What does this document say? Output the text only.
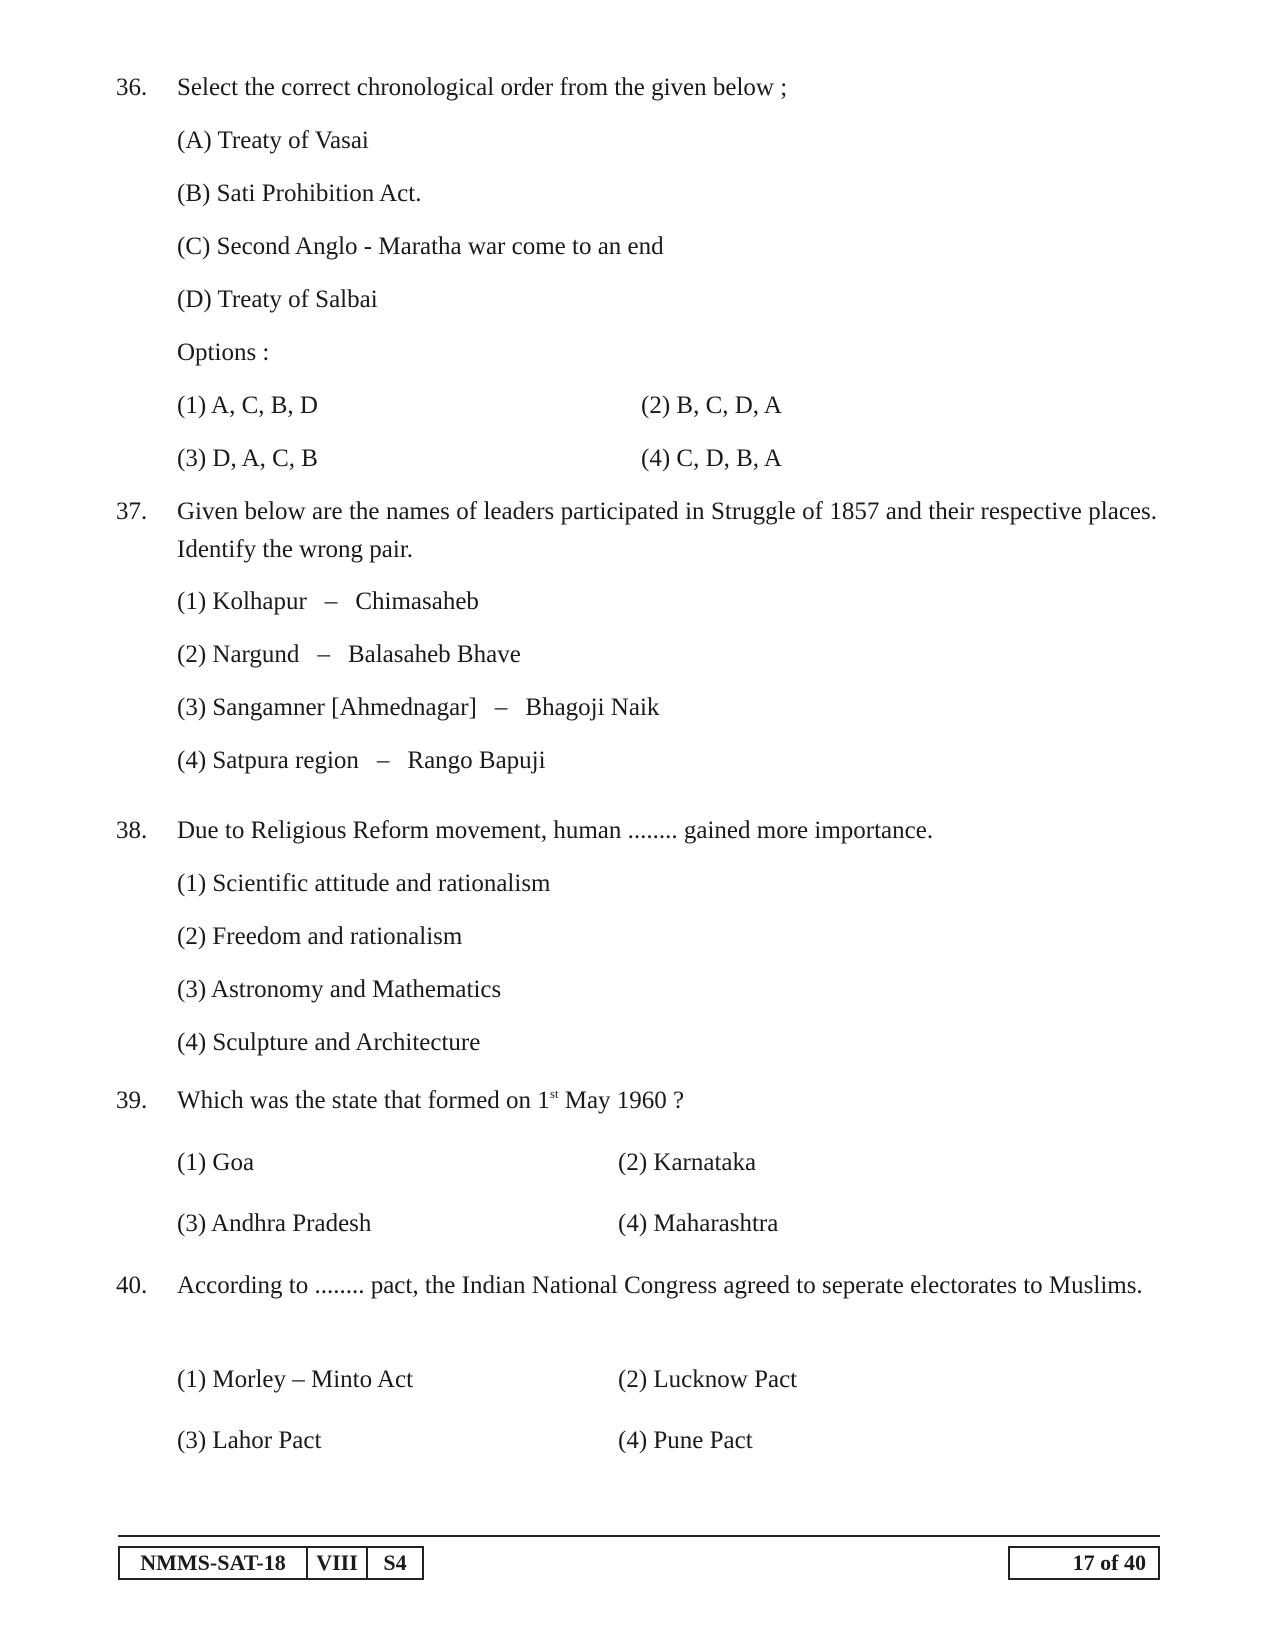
36. Select the correct chronological order from the given below ;
(A) Treaty of Vasai
(B) Sati Prohibition Act.
(C) Second Anglo - Maratha war come to an end
(D) Treaty of Salbai
Options :
(1) A, C, B, D	(2) B, C, D, A
(3) D, A, C, B	(4) C, D, B, A
37. Given below are the names of leaders participated in Struggle of 1857 and their respective places. Identify the wrong pair.
(1) Kolhapur – Chimasaheb
(2) Nargund – Balasaheb Bhave
(3) Sangamner [Ahmednagar] – Bhagoji Naik
(4) Satpura region – Rango Bapuji
38. Due to Religious Reform movement, human ........ gained more importance.
(1) Scientific attitude and rationalism
(2) Freedom and rationalism
(3) Astronomy and Mathematics
(4) Sculpture and Architecture
39. Which was the state that formed on 1st May 1960 ?
(1) Goa	(2) Karnataka
(3) Andhra Pradesh	(4) Maharashtra
40. According to ........ pact, the Indian National Congress agreed to seperate electorates to Muslims.
(1) Morley – Minto Act	(2) Lucknow Pact
(3) Lahor Pact	(4) Pune Pact
NMMS-SAT-18	VIII	S4	17 of 40
